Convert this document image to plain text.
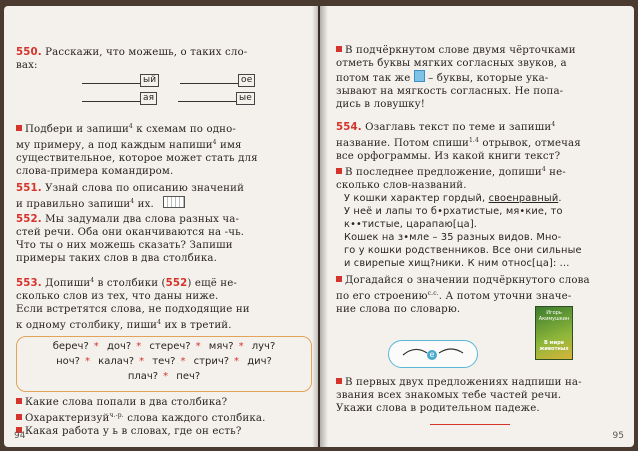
550. Расскажи, что можешь, о таких сло-
вах:
ый	ое
ая	ые
Подбери и запиши$^4$ к схемам по одно-
му примеру, а под каждым напиши$^4$ имя
существительное, которое может стать для
слова-примера командиром.
551. Узнай слова по описанию значений
и правильно запиши$^4$ их.
552. Мы задумали два слова разных ча-
стей речи. Оба они оканчиваются на -чь.
Что ты о них можешь сказать? Запиши
примеры таких слов в два столбика.
553. Допиши$^4$ в столбики (552) ещё не-
сколько слов из тех, что даны ниже.
Если встретятся слова, не подходящие ни
к одному столбику, пиши$^4$ их в третий.
береч? * доч? * стереч? * мяч? * луч?
ноч? * калач? * теч? * стрич? * дич?
плач? * печ?
Какие слова попали в два столбика?
Охарактеризуй$^{ч.-р.}$ слова каждого столбика.
Какая работа у ь в словах, где он есть?
94
В подчёркнутом слове двумя чёрточками
отметь буквы мягких согласных звуков, а
потом так же  – буквы, которые ука-
зывают на мягкость согласных. Не попа-
дись в ловушку!
554. Озаглавь текст по теме и запиши$^4$
название. Потом спиши$^{1.4}$ отрывок, отмечая
все орфограммы. Из какой книги текст?
В последнее предложение, допиши$^4$ не-
сколько слов-названий.
У кошки характер гордый, своенравный.
У неё и лапы то б•рхатистые, мя•кие, то
к••тистые, царапаю[ца].
Кошек на з•мле – 35 разных видов. Мно-
го у кошки родственников. Все они сильные
и свирепые хищ?ники. К ним относ[ца]: ...
Догадайся о значении подчёркнутого слова
по его строению$^{с.с.}$. А потом уточни значе-
ние слова по словарю.	Игорь Акимушкин
В мире животных
е
В первых двух предложениях надпиши на-
звания всех знакомых тебе частей речи.
Укажи слова в родительном падеже.
95
